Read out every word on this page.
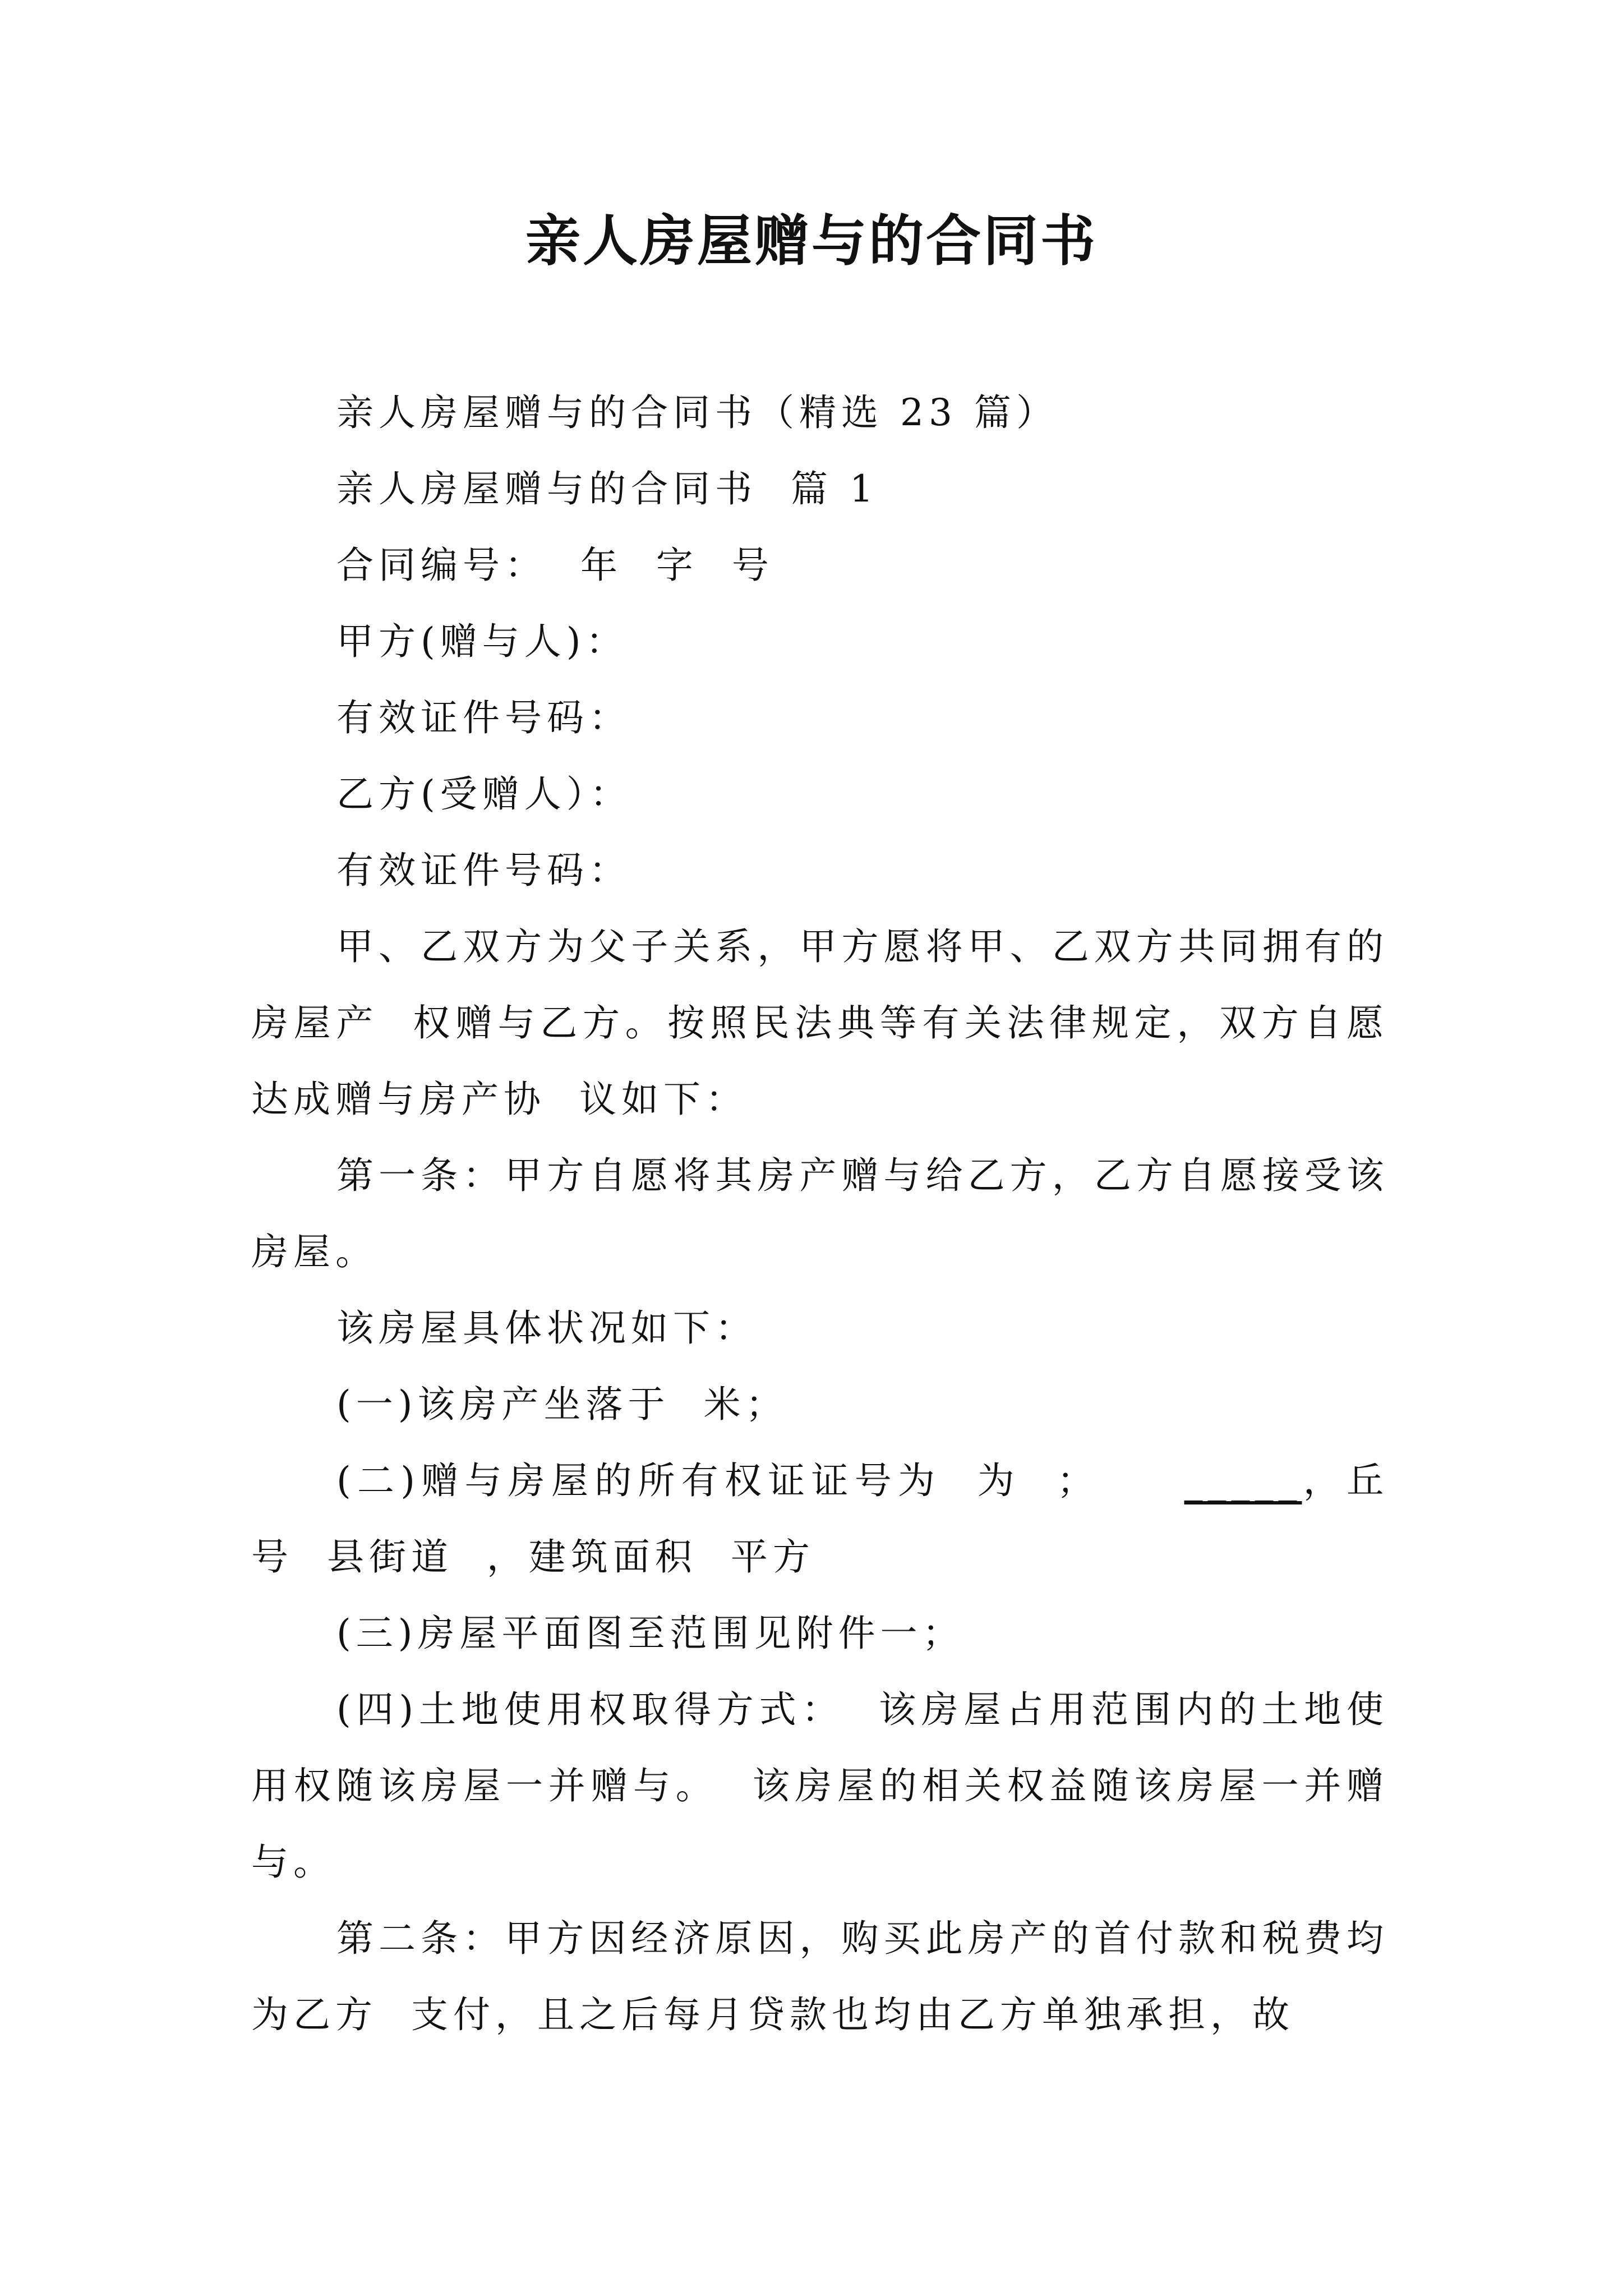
亲人房屋赠与的合同书

亲人房屋赠与的合同书（精选 23 篇）

亲人房屋赠与的合同书  篇 1

合同编号：  年  字  号

甲方(赠与人)：

有效证件号码：

乙方(受赠人）：

有效证件号码：

甲、乙双方为父子关系，甲方愿将甲、乙双方共同拥有的房屋产  权赠与乙方。按照民法典等有关法律规定，双方自愿达成赠与房产协  议如下：

第一条：甲方自愿将其房产赠与给乙方，乙方自愿接受该房屋。

该房屋具体状况如下：

(一)该房产坐落于  米；

(二)赠与房屋的所有权证证号为  为  ； _____，丘号  县街道  ，建筑面积  平方

(三)房屋平面图至范围见附件一；

(四)土地使用权取得方式：  该房屋占用范围内的土地使用权随该房屋一并赠与。  该房屋的相关权益随该房屋一并赠与。

第二条：甲方因经济原因，购买此房产的首付款和税费均为乙方  支付，且之后每月贷款也均由乙方单独承担，故
